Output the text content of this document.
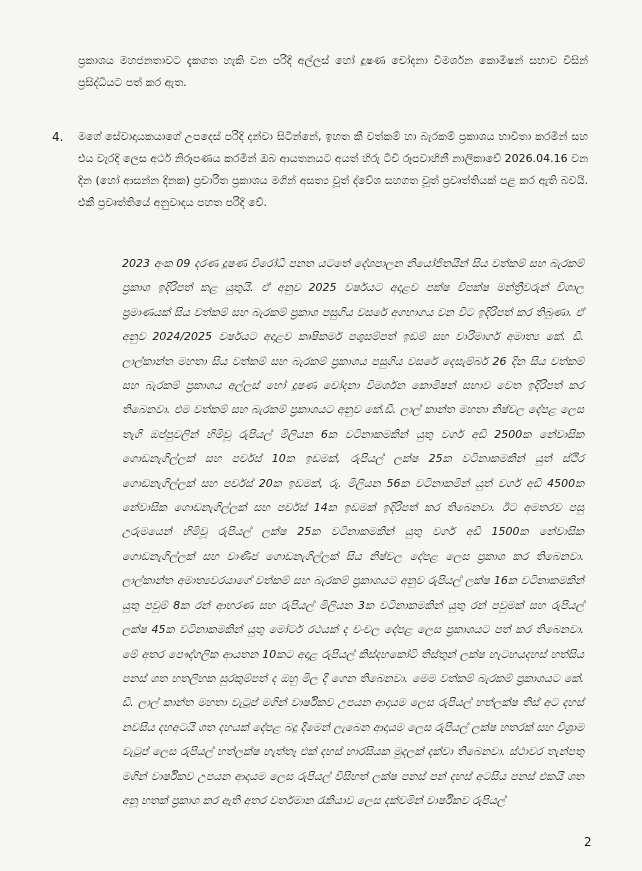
ප්‍රකාශය මහජනතාවට දැකගත හැකි වන පරිදි අල්ලස් හෝ දූෂණ චෝදනා විමර්ශන කොමිෂන් සභාව විසින් ප්‍රසිද්ධියට පත් කර ඇත.

4. මගේ සේවාදායකයාගේ උපදෙස් පරිදි දන්වා සිටින්නේ, ඉහත කී වත්කම් හා බැරකම් ප්‍රකාශය භාවිතා කරමින් සහ එය වැරදි ලෙස අර්ථ නිරූපණය කරමින් ඔබ ආයතනයට අයත් හිරු ටීවී රූපවාහිනී නාලිකාවේ 2026.04.16 වන දින (හෝ ආසන්න දිනක) ප්‍රචාරිත ප්‍රකාශය මගින් අසත්‍ය වූත් ද්වේශ සහගත වූත් ප්‍රවෘත්තියක් පළ කර ඇති බවයි. එකී ප්‍රවෘත්තියේ අනුවාදය පහත පරිදි වේ.

2023 අංක 09 දරණ දූෂණ විරෝධී පනත යටතේ දේශපාලන නියෝජිතයින් සිය වත්කම් සහ බැරකම් ප්‍රකාශ ඉදිරිපත් කළ යුතුයි. ඒ අනුව 2025 වර්ෂයට අදාළව පක්ෂ විපක්ෂ මන්ත්‍රීවරුන් විශාල ප්‍රමාණයක් සිය වත්කම් සහ බැරකම් ප්‍රකාශ පසුගිය වසරේ අගභාගය වන විට ඉදිරිපත් කර තිබුණා. ඒ අනුව 2024/2025 වර්ෂයට අදාළව කෘෂිකර්ම පශුසම්පත් ඉඩම් සහ වාරිමාර්ග අමාත්‍ය කේ. ඩී. ලාල්කාන්ත මහතා සිය වත්කම් සහ බැරකම් ප්‍රකාශය පසුගිය වසරේ දෙසැම්බර් 26 දින සිය වත්කම් සහ බැරකම් ප්‍රකාශය අල්ලස් හෝ දූෂණ චෝදනා විමර්ශන කොමිෂන් සභාව වෙත ඉදිරිපත් කර තිබෙනවා. එම වත්කම් සහ බැරකම් ප්‍රකාශයට අනුව කේ.ඩී. ලාල් කාන්ත මහතා නිෂ්චල දේපළ ලෙස තැගි ඔප්පුවලින් හිමිවූ රුපියල් මිලියන 6ක වටිනාකමකින් යුතු වර්ග අඩි 2500ක නේවාසික ගොඩනැගිල්ලක් සහ පර්චස් 10ක ඉඩමක්, රුපියල් ලක්ෂ 25ක වටිනාකමකින් යුත් ස්ථිර ගොඩනැගිල්ලක් සහ පර්චස් 20ක ඉඩමක්, රු. මිලියන 56ක වටිනාකමින් යුත් වර්ග අඩි 4500ක නේවාසික ගොඩනැගිල්ලක් සහ පර්චස් 14ක ඉඩමක් ඉදිරිපත් කර තිබෙනවා. ඊට අමතරව පසු උරුමයෙන් හිමිවූ රුපියල් ලක්ෂ 25ක වටිනාකමකින් යුතු වර්ග අඩි 1500ක නේවාසික ගොඩනැගිල්ලක් සහ වාණිජ ගොඩනැගිල්ලක් සිය නිෂ්චල දේපළ ලෙස ප්‍රකාශ කර තිබෙනවා. ලාල්කාන්ත අමාත්‍යවරයාගේ වත්කම් සහ බැරකම් ප්‍රකාශයට අනුව රුපියල් ලක්ෂ 16ක වටිනාකමකින් යුතු පවුම් 8ක රන් ආභරණ සහ රුපියල් මිලියන 3ක වටිනාකමකින් යුතු රන් පවුමක් සහ රුපියල් ලක්ෂ 45ක වටිනාකමකින් යුතු මෝටර් රථයක් ද චංචල දේපළ ලෙස ප්‍රකාශයට පත් කර තිබෙනවා. මේ අතර පෞද්ගලික ආයතන 10කට අදාළ රුපියල් කිස්දහකෝටි තිස්තුන් ලක්ෂ හැටහයදහස් හත්සිය පනස් ශත හතලිහක සුරකුම්පත් ද ඔහු මිල දී ගෙන තිබෙනවා. මෙම වත්කම් බැරකම් ප්‍රකාශයට කේ. ඩී. ලාල් කාන්ත මහතා වැටුප් මගින් වාර්ෂිකව උපයන ආදායම ලෙස රුපියල් හත්ලක්ෂ තිස් අට දහස් නවසිය දහඅටයි ශත දහයක් දේපළ බදු දීමෙන් ලැබෙන ආදායම ලෙස රුපියල් ලක්ෂ හතරක් සහ විශ්‍රාම වැටුප් ලෙස රුපියල් හත්ලක්ෂ හැත්තෑ එක් දහස් හාරසියක මුදලක් දක්වා තිබෙනවා. ස්ථාවර තැන්පතු මගින් වාර්ෂිකව උපයන ආදායම ලෙස රුපියල් විසිහත් ලක්ෂ පනස් පන් දහස් අටසිය පනස් එකයි ශත අනූ හතක් ප්‍රකාශ කර ඇති අතර වර්තමාන රැකියාව ලෙස දක්වමින් වාර්ෂිකව රුපියල්

2
